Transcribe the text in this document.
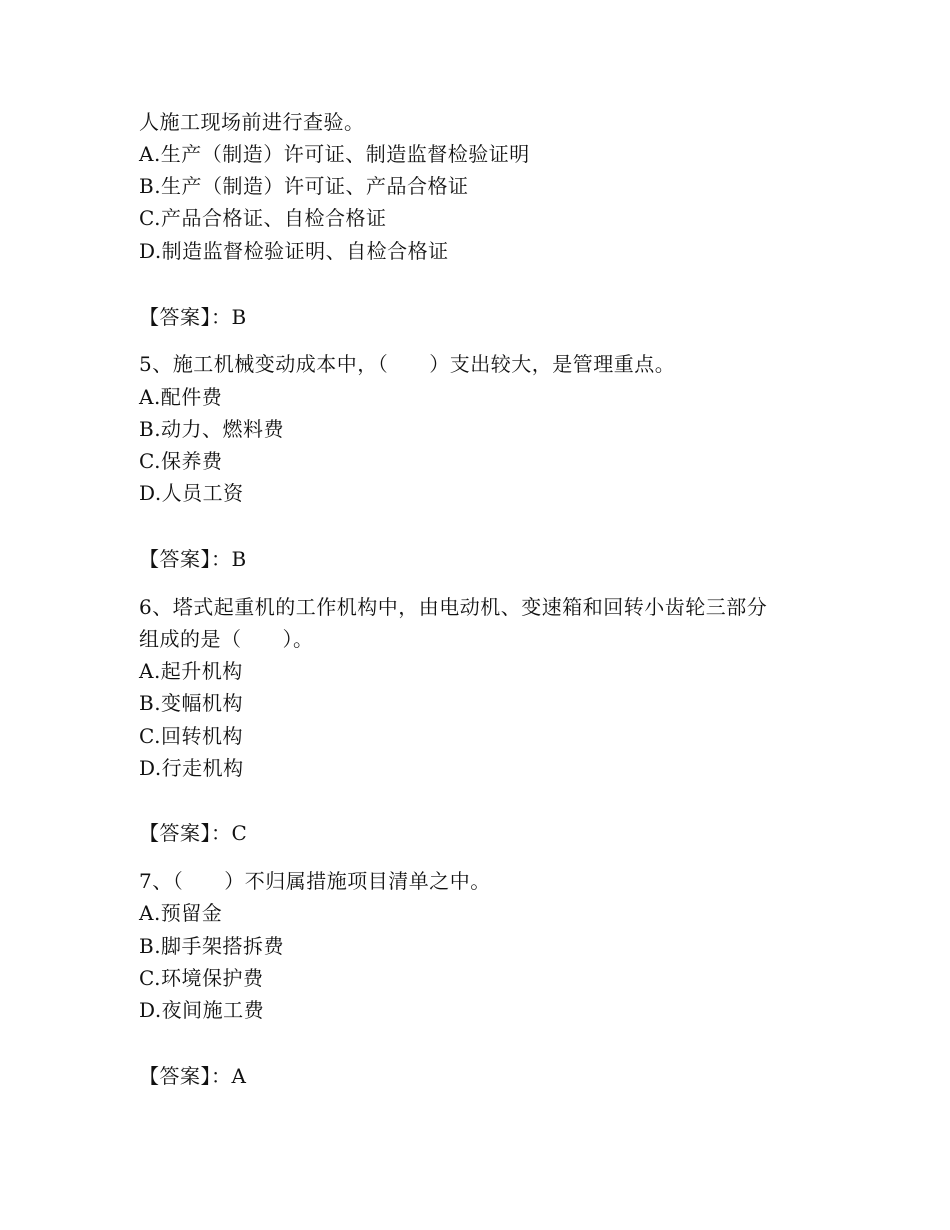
人施工现场前进行查验。
A.生产（制造）许可证、制造监督检验证明
B.生产（制造）许可证、产品合格证
C.产品合格证、自检合格证
D.制造监督检验证明、自检合格证
【答案】：B
5、施工机械变动成本中，（　　）支出较大，是管理重点。
A.配件费
B.动力、燃料费
C.保养费
D.人员工资
【答案】：B
6、塔式起重机的工作机构中，由电动机、变速箱和回转小齿轮三部分
组成的是（　　）。
A.起升机构
B.变幅机构
C.回转机构
D.行走机构
【答案】：C
7、（　　）不归属措施项目清单之中。
A.预留金
B.脚手架搭拆费
C.环境保护费
D.夜间施工费
【答案】：A
